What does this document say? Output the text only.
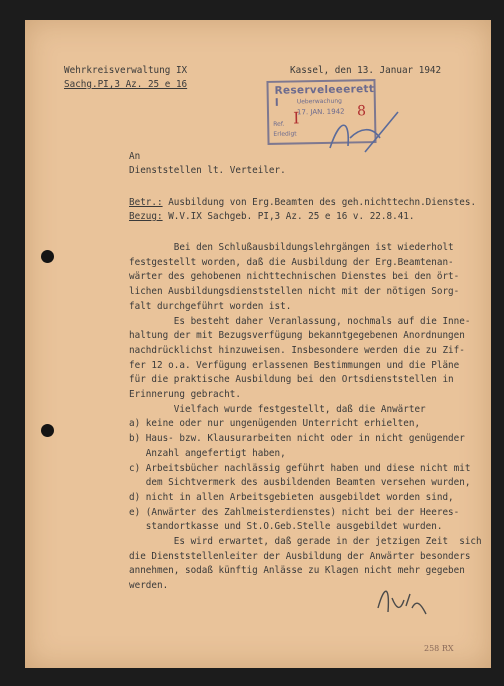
Wehrkreisverwaltung IX
Sachg.PI,3 Az. 25 e 16
Kassel, den 13. Januar 1942
Reserveleeerett I	Ueberwachung
17. JAN. 1942
Ref.
Erledigt
I	8
An
Dienststellen lt. Verteiler.
Betr.: Ausbildung von Erg.Beamten des geh.nichttechn.Dienstes.
Bezug: W.V.IX Sachgeb. PI,3 Az. 25 e 16 v. 22.8.41.
Bei den Schlußausbildungslehrgängen ist wiederholt
festgestellt worden, daß die Ausbildung der Erg.Beamtenan-
wärter des gehobenen nichttechnischen Dienstes bei den ört-
lichen Ausbildungsdienststellen nicht mit der nötigen Sorg-
falt durchgeführt worden ist.
Es besteht daher Veranlassung, nochmals auf die Inne-
haltung der mit Bezugsverfügung bekanntgegebenen Anordnungen
nachdrücklichst hinzuweisen. Insbesondere werden die zu Zif-
fer 12 o.a. Verfügung erlassenen Bestimmungen und die Pläne
für die praktische Ausbildung bei den Ortsdienststellen in
Erinnerung gebracht.
Vielfach wurde festgestellt, daß die Anwärter
a) keine oder nur ungenügenden Unterricht erhielten,
b) Haus- bzw. Klausurarbeiten nicht oder in nicht genügender
Anzahl angefertigt haben,
c) Arbeitsbücher nachlässig geführt haben und diese nicht mit
dem Sichtvermerk des ausbildenden Beamten versehen wurden,
d) nicht in allen Arbeitsgebieten ausgebildet worden sind,
e) (Anwärter des Zahlmeisterdienstes) nicht bei der Heeres-
standortkasse und St.O.Geb.Stelle ausgebildet wurden.
Es wird erwartet, daß gerade in der jetzigen Zeit  sich
die Dienststellenleiter der Ausbildung der Anwärter besonders
annehmen, sodaß künftig Anlässe zu Klagen nicht mehr gegeben
werden.
258 RX
